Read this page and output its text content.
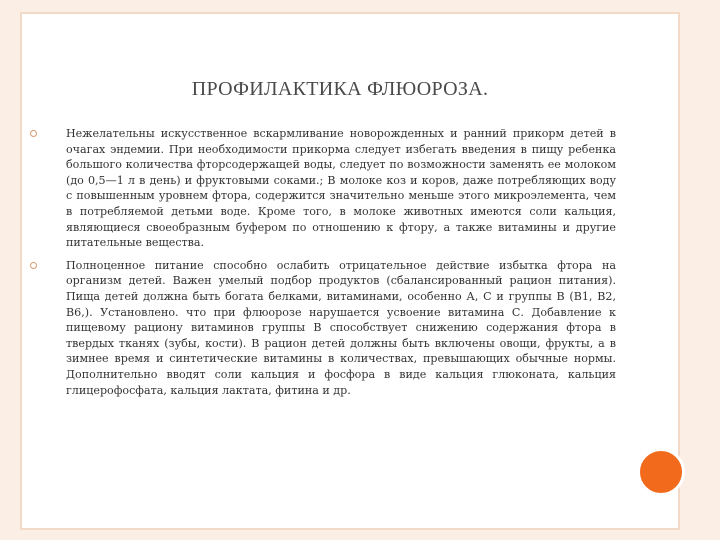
ПРОФИЛАКТИКА ФЛЮОРОЗА.
Нежелательны искусственное вскармливание новорожденных и ранний прикорм детей в очагах эндемии. При необходимости прикорма следует избегать введения в пищу ребенка большого количества фторсодержащей воды, следует по возможности заменять ее молоком (до 0,5—1 л в день) и фруктовыми соками.; В молоке коз и коров, даже потребляющих воду с повышенным уровнем фтора, содержится значительно меньше этого микроэлемента, чем в потребляемой детьми воде. Кроме того, в молоке животных имеются соли кальция, являющиеся своеобразным буфером по отношению к фтору, а также витамины и другие питательные вещества.
Полноценное питание способно ослабить отрицательное действие избытка фтора на организм детей. Важен умелый подбор продуктов (сбалансированный рацион питания). Пища детей должна быть богата белками, витаминами, особенно А, С и группы В (В1, В2, В6,). Установлено. что при флюорозе нарушается усвоение витамина С. Добавление к пищевому рациону витаминов группы В способствует снижению содержания фтора в твердых тканях (зубы, кости). В рацион детей должны быть включены овощи, фрукты, а в зимнее время и синтетические витамины в количествах, превышающих обычные нормы. Дополнительно вводят соли кальция и фосфора в виде кальция глюконата, кальция глицерофосфата, кальция лактата, фитина и др.
